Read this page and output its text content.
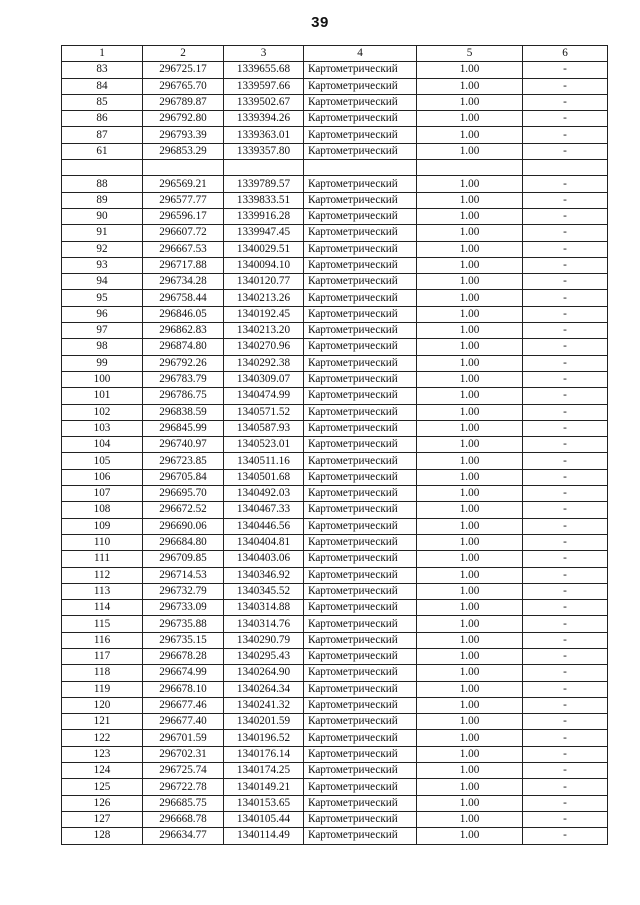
39
1	2	3	4	5	6
83	296725.17	1339655.68	Картометрический	1.00	-
84	296765.70	1339597.66	Картометрический	1.00	-
85	296789.87	1339502.67	Картометрический	1.00	-
86	296792.80	1339394.26	Картометрический	1.00	-
87	296793.39	1339363.01	Картометрический	1.00	-
61	296853.29	1339357.80	Картометрический	1.00	-

88	296569.21	1339789.57	Картометрический	1.00	-
89	296577.77	1339833.51	Картометрический	1.00	-
90	296596.17	1339916.28	Картометрический	1.00	-
91	296607.72	1339947.45	Картометрический	1.00	-
92	296667.53	1340029.51	Картометрический	1.00	-
93	296717.88	1340094.10	Картометрический	1.00	-
94	296734.28	1340120.77	Картометрический	1.00	-
95	296758.44	1340213.26	Картометрический	1.00	-
96	296846.05	1340192.45	Картометрический	1.00	-
97	296862.83	1340213.20	Картометрический	1.00	-
98	296874.80	1340270.96	Картометрический	1.00	-
99	296792.26	1340292.38	Картометрический	1.00	-
100	296783.79	1340309.07	Картометрический	1.00	-
101	296786.75	1340474.99	Картометрический	1.00	-
102	296838.59	1340571.52	Картометрический	1.00	-
103	296845.99	1340587.93	Картометрический	1.00	-
104	296740.97	1340523.01	Картометрический	1.00	-
105	296723.85	1340511.16	Картометрический	1.00	-
106	296705.84	1340501.68	Картометрический	1.00	-
107	296695.70	1340492.03	Картометрический	1.00	-
108	296672.52	1340467.33	Картометрический	1.00	-
109	296690.06	1340446.56	Картометрический	1.00	-
110	296684.80	1340404.81	Картометрический	1.00	-
111	296709.85	1340403.06	Картометрический	1.00	-
112	296714.53	1340346.92	Картометрический	1.00	-
113	296732.79	1340345.52	Картометрический	1.00	-
114	296733.09	1340314.88	Картометрический	1.00	-
115	296735.88	1340314.76	Картометрический	1.00	-
116	296735.15	1340290.79	Картометрический	1.00	-
117	296678.28	1340295.43	Картометрический	1.00	-
118	296674.99	1340264.90	Картометрический	1.00	-
119	296678.10	1340264.34	Картометрический	1.00	-
120	296677.46	1340241.32	Картометрический	1.00	-
121	296677.40	1340201.59	Картометрический	1.00	-
122	296701.59	1340196.52	Картометрический	1.00	-
123	296702.31	1340176.14	Картометрический	1.00	-
124	296725.74	1340174.25	Картометрический	1.00	-
125	296722.78	1340149.21	Картометрический	1.00	-
126	296685.75	1340153.65	Картометрический	1.00	-
127	296668.78	1340105.44	Картометрический	1.00	-
128	296634.77	1340114.49	Картометрический	1.00	-
